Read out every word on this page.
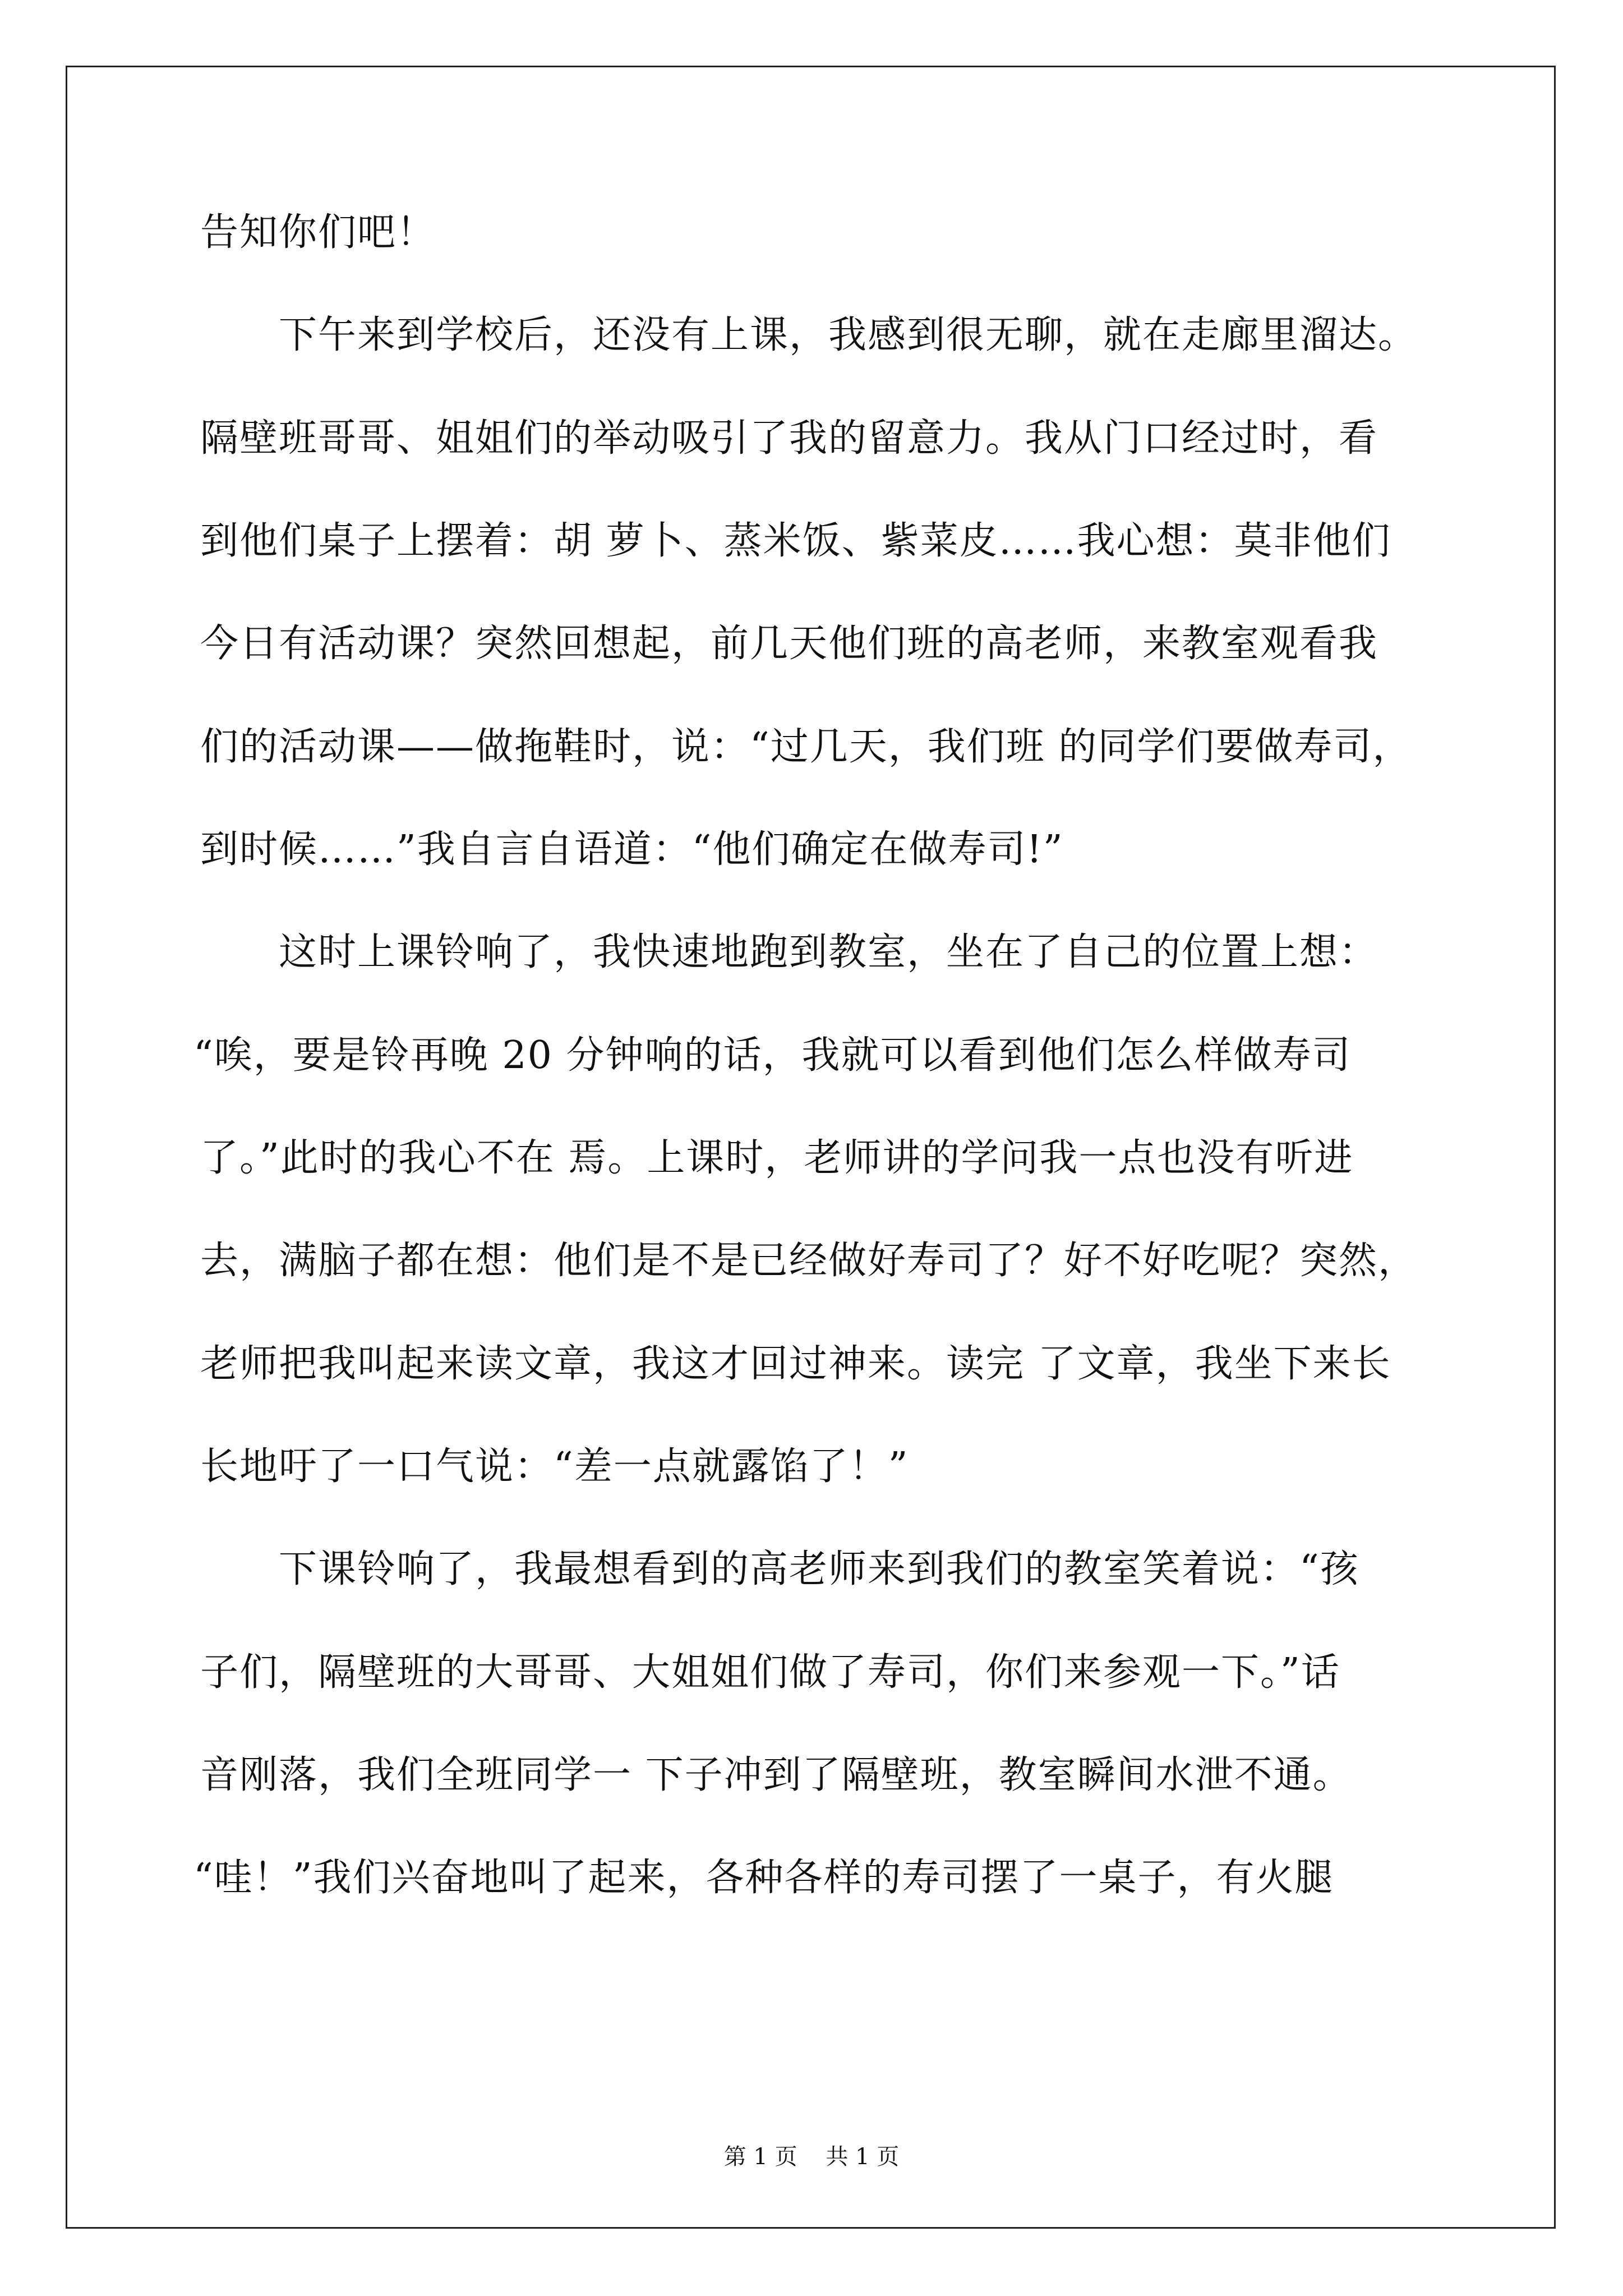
告知你们吧！
下午来到学校后，还没有上课，我感到很无聊，就在走廊里溜达。
隔壁班哥哥、姐姐们的举动吸引了我的留意力。我从门口经过时，看
到他们桌子上摆着：胡 萝卜、蒸米饭、紫菜皮……我心想：莫非他们
今日有活动课？突然回想起，前几天他们班的高老师，来教室观看我
们的活动课——做拖鞋时，说：“过几天，我们班 的同学们要做寿司，
到时候……”我自言自语道：“他们确定在做寿司!”
这时上课铃响了，我快速地跑到教室，坐在了自己的位置上想：
“唉，要是铃再晚 20 分钟响的话，我就可以看到他们怎么样做寿司
了。”此时的我心不在 焉。上课时，老师讲的学问我一点也没有听进
去，满脑子都在想：他们是不是已经做好寿司了？好不好吃呢？突然，
老师把我叫起来读文章，我这才回过神来。读完 了文章，我坐下来长
长地吁了一口气说：“差一点就露馅了！”
下课铃响了，我最想看到的高老师来到我们的教室笑着说：“孩
子们，隔壁班的大哥哥、大姐姐们做了寿司，你们来参观一下。”话
音刚落，我们全班同学一 下子冲到了隔壁班，教室瞬间水泄不通。
“哇！”我们兴奋地叫了起来，各种各样的寿司摆了一桌子，有火腿
第 1 页    共 1 页
